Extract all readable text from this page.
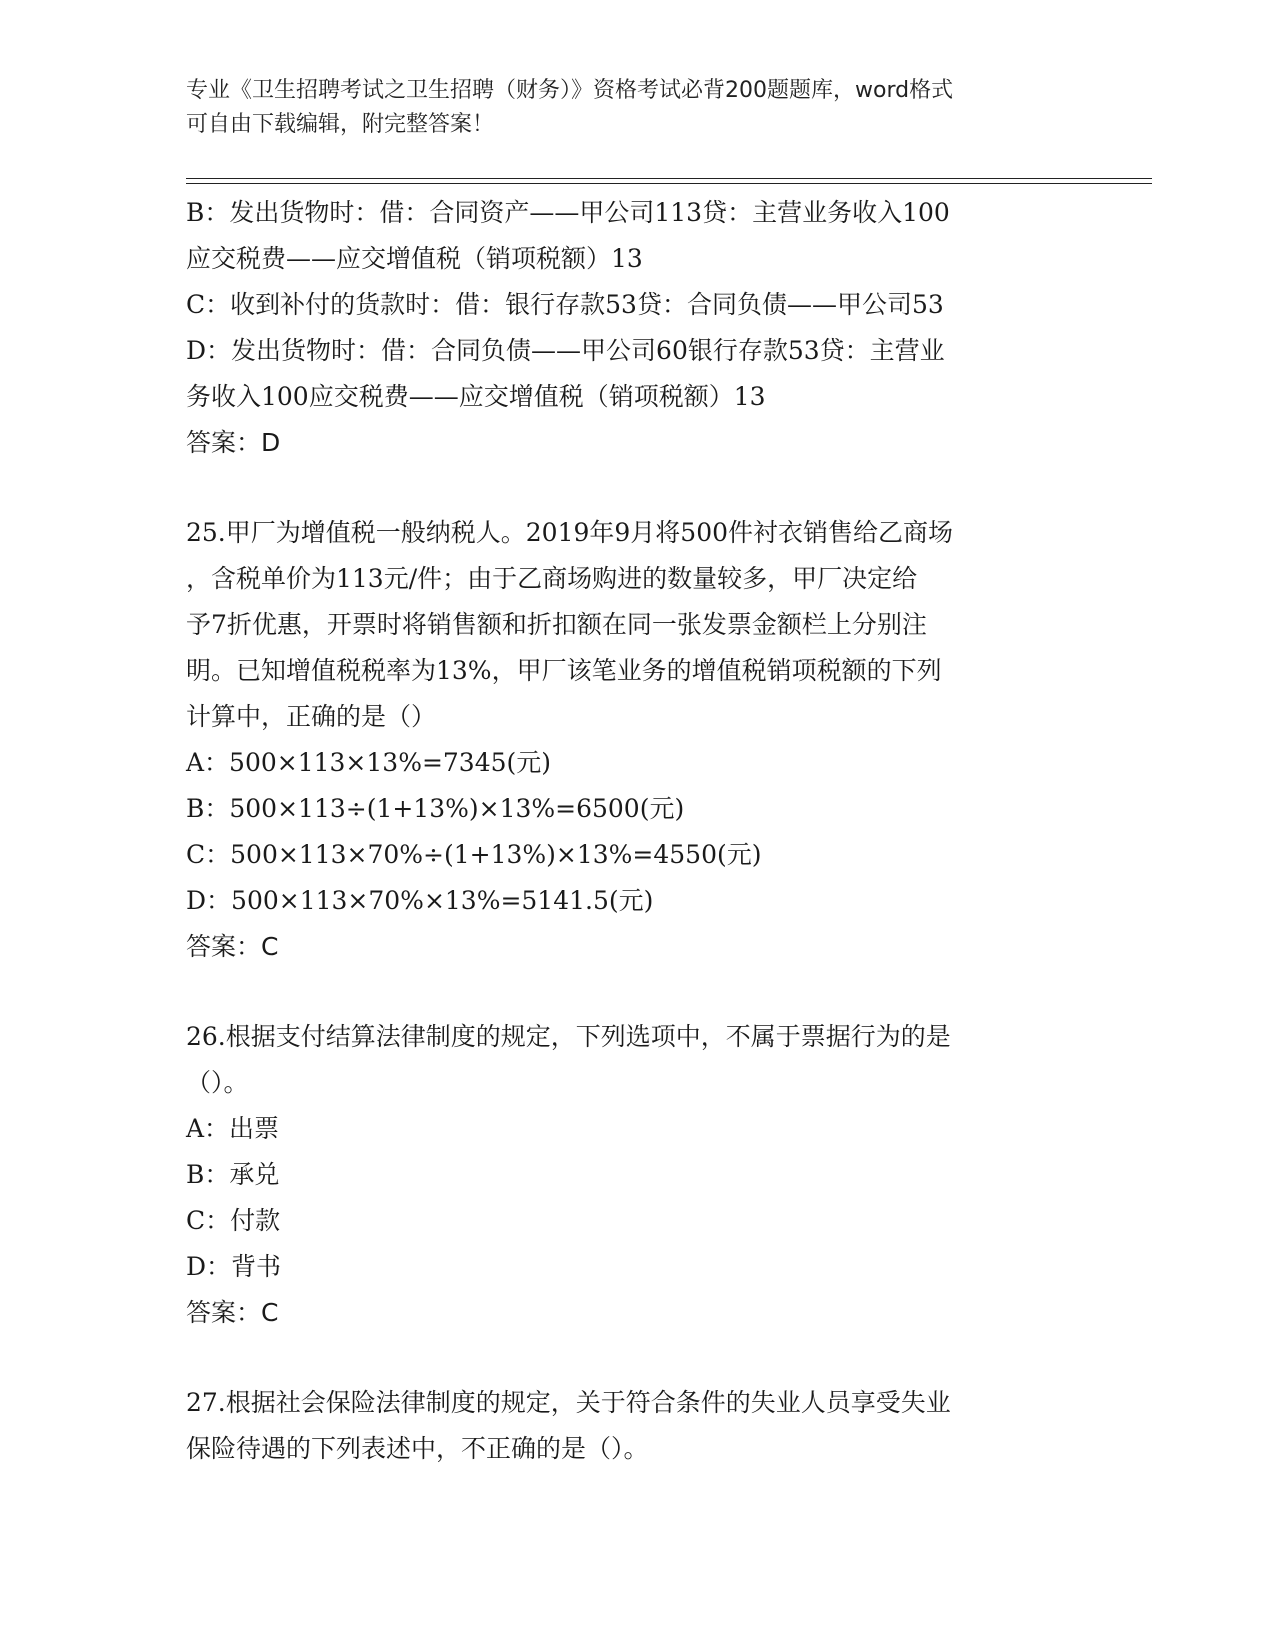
专业《卫生招聘考试之卫生招聘（财务）》资格考试必背200题题库，word格式
可自由下载编辑，附完整答案！
B：发出货物时：借：合同资产——甲公司113贷：主营业务收入100
应交税费——应交增值税（销项税额）13
C：收到补付的货款时：借：银行存款53贷：合同负债——甲公司53
D：发出货物时：借：合同负债——甲公司60银行存款53贷：主营业
务收入100应交税费——应交增值税（销项税额）13
答案：D
25.甲厂为增值税一般纳税人。2019年9月将500件衬衣销售给乙商场
，含税单价为113元/件；由于乙商场购进的数量较多，甲厂决定给
予7折优惠，开票时将销售额和折扣额在同一张发票金额栏上分别注
明。已知增值税税率为13%，甲厂该笔业务的增值税销项税额的下列
计算中，正确的是（）
A：500×113×13%=7345(元)
B：500×113÷(1+13%)×13%=6500(元)
C：500×113×70%÷(1+13%)×13%=4550(元)
D：500×113×70%×13%=5141.5(元)
答案：C
26.根据支付结算法律制度的规定，下列选项中，不属于票据行为的是
（）。
A：出票
B：承兑
C：付款
D：背书
答案：C
27.根据社会保险法律制度的规定，关于符合条件的失业人员享受失业
保险待遇的下列表述中，不正确的是（）。
